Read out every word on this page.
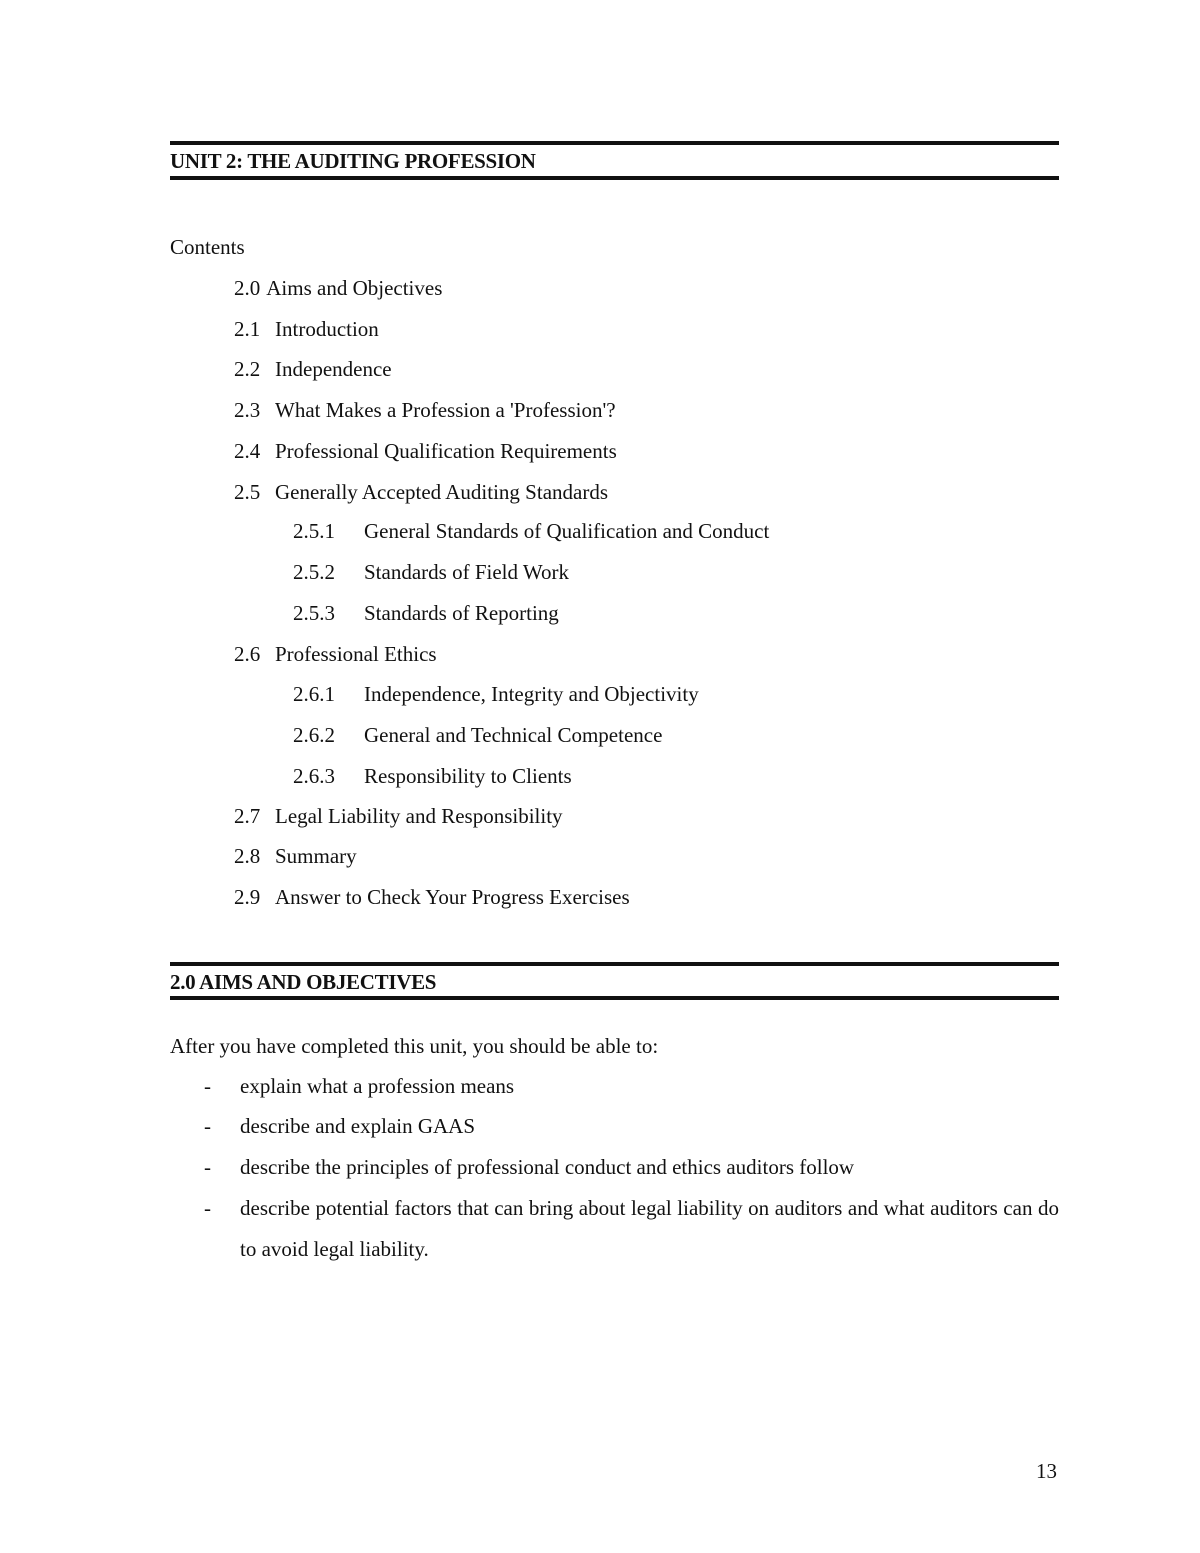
UNIT 2: THE AUDITING PROFESSION
Contents
2.0 Aims and Objectives
2.1 Introduction
2.2 Independence
2.3 What Makes a Profession a 'Profession'?
2.4 Professional Qualification Requirements
2.5 Generally Accepted Auditing Standards
2.5.1 General Standards of Qualification and Conduct
2.5.2 Standards of Field Work
2.5.3 Standards of Reporting
2.6 Professional Ethics
2.6.1 Independence, Integrity and Objectivity
2.6.2 General and Technical Competence
2.6.3 Responsibility to Clients
2.7 Legal Liability and Responsibility
2.8 Summary
2.9 Answer to Check Your Progress Exercises
2.0 AIMS AND OBJECTIVES
After you have completed this unit, you should be able to:
- explain what a profession means
- describe and explain GAAS
- describe the principles of professional conduct and ethics auditors follow
- describe potential factors that can bring about legal liability on auditors and what auditors can do to avoid legal liability.
13
